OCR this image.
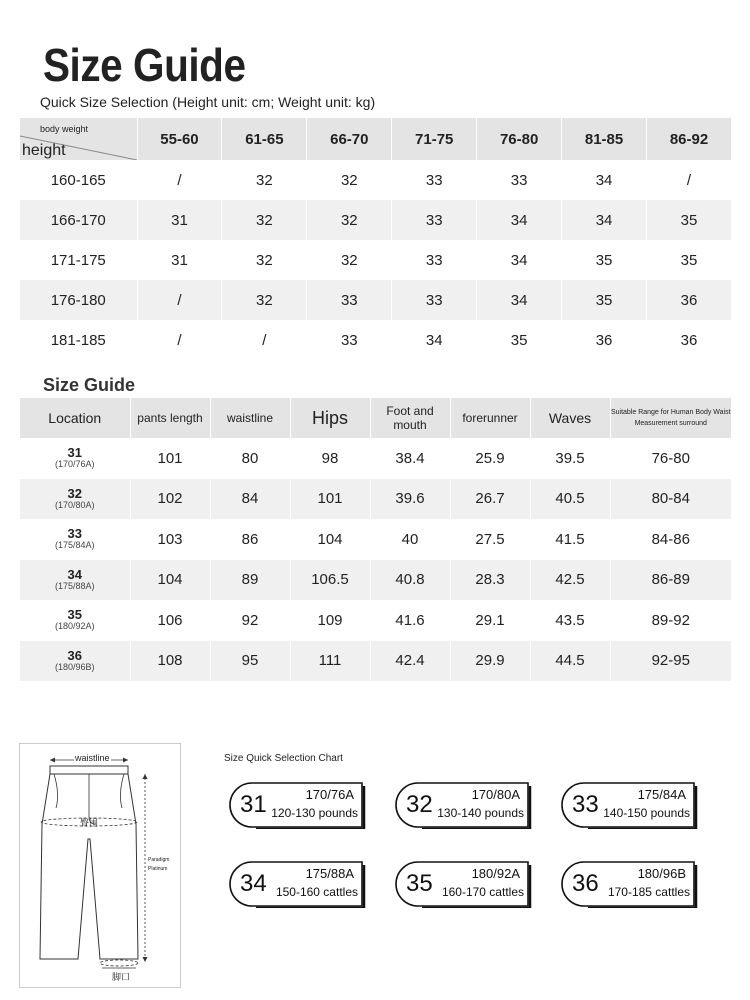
Size Guide
Quick Size Selection (Height unit: cm; Weight unit: kg)
body weight
height	55-60	61-65	66-70	71-75	76-80	81-85	86-92
160-165	/	32	32	33	33	34	/
166-170	31	32	32	33	34	34	35
171-175	31	32	32	33	34	35	35
176-180	/	32	33	33	34	35	36
181-185	/	/	33	34	35	36	36
Size Guide
Location	pants length	waistline	Hips	Foot and mouth	forerunner	Waves	Suitable Range for Human Body Waist Measurement surround

31
(170/76A)	101	80	98	38.4	25.9	39.5	76-80

32
(170/80A)	102	84	101	39.6	26.7	40.5	80-84

33
(175/84A)	103	86	104	40	27.5	41.5	84-86

34
(175/88A)	104	89	106.5	40.8	28.3	42.5	86-89

35
(180/92A)	106	92	109	41.6	29.1	43.5	89-92

36
(180/96B)	108	95	111	42.4	29.9	44.5	92-95
waistline
臀围
Paradigm
Platinum
脚口
Size Quick Selection Chart
31	170/76A
120-130 pounds 32	170/80A
130-140 pounds 33	175/84A
140-150 pounds
34	175/88A
150-160 cattles 35	180/92A
160-170 cattles 36	180/96B
170-185 cattles
